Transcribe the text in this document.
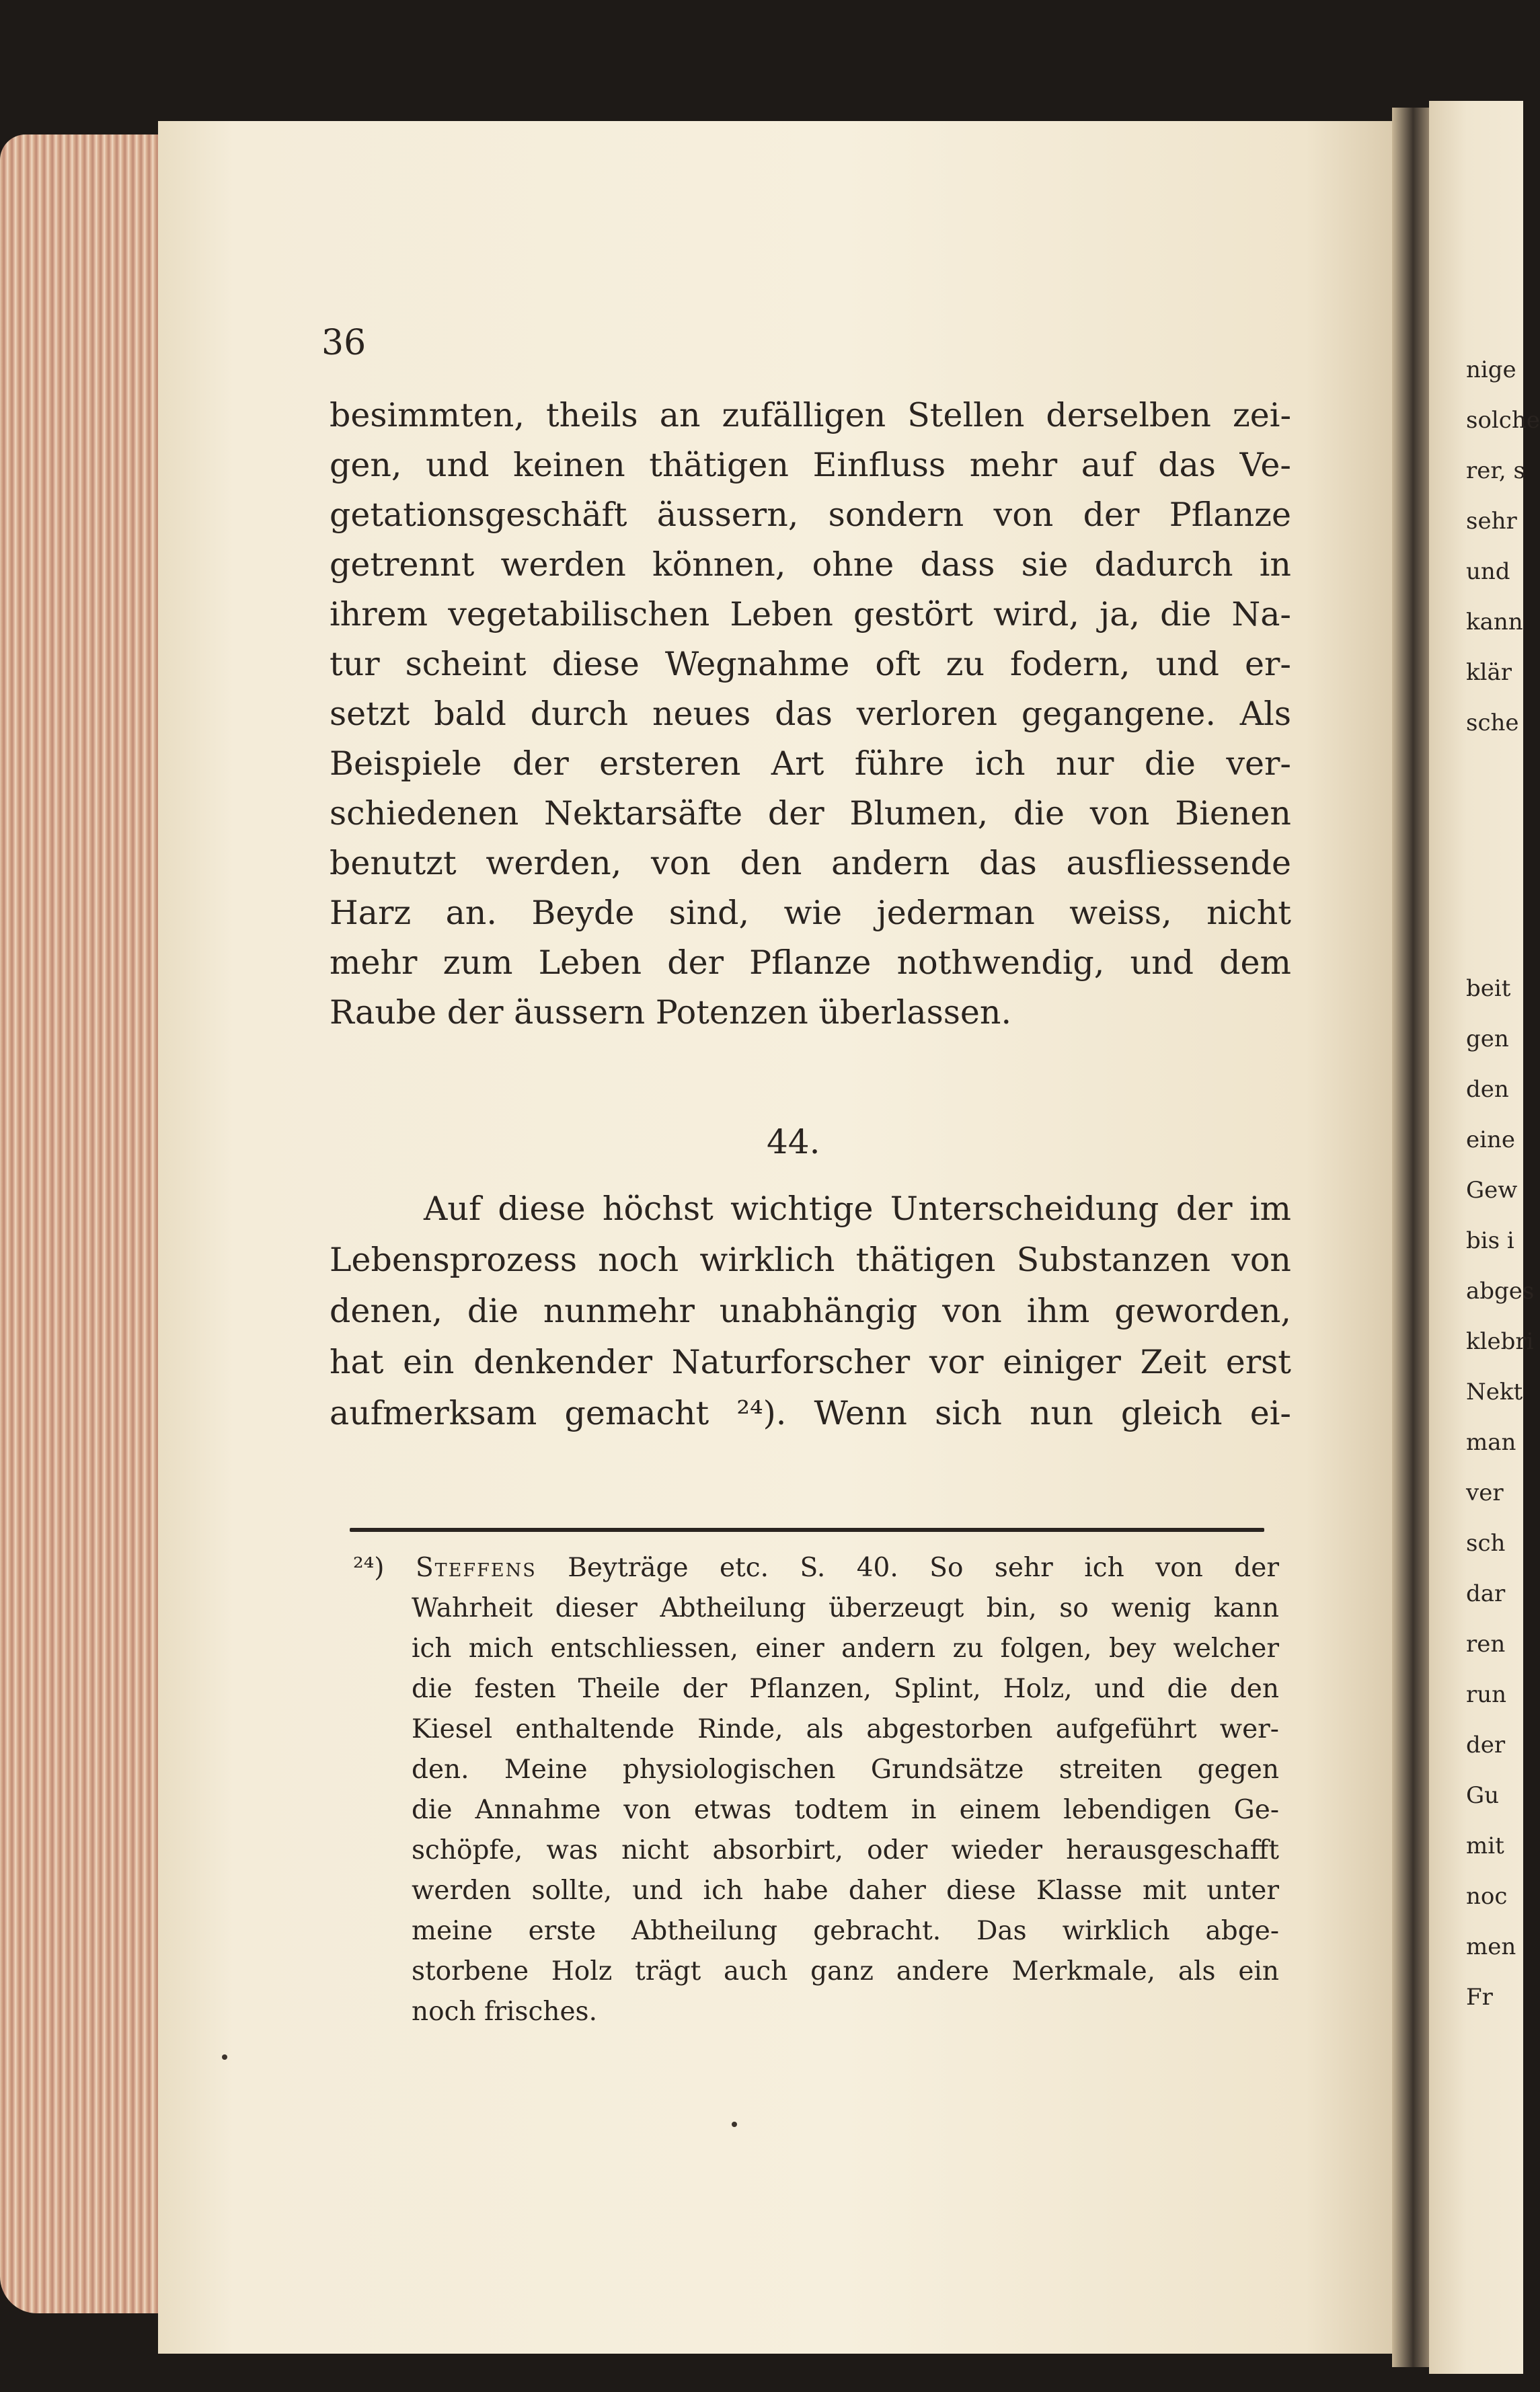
36
besimmten, theils an zufälligen Stellen derselben zei-
gen, und keinen thätigen Einfluss mehr auf das Ve-
getationsgeschäft äussern, sondern von der Pflanze
getrennt werden können, ohne dass sie dadurch in
ihrem vegetabilischen Leben gestört wird, ja, die Na-
tur scheint diese Wegnahme oft zu fodern, und er-
setzt bald durch neues das verloren gegangene. Als
Beispiele der ersteren Art führe ich nur die ver-
schiedenen Nektarsäfte der Blumen, die von Bienen
benutzt werden, von den andern das ausfliessende
Harz an. Beyde sind, wie jederman weiss, nicht
mehr zum Leben der Pflanze nothwendig, und dem
Raube der äussern Potenzen überlassen.
44.
Auf diese höchst wichtige Unterscheidung der im
Lebensprozess noch wirklich thätigen Substanzen von
denen, die nunmehr unabhängig von ihm geworden,
hat ein denkender Naturforscher vor einiger Zeit erst
aufmerksam gemacht ²⁴). Wenn sich nun gleich ei-
²⁴) Steffens Beyträge etc. S. 40. So sehr ich von der
Wahrheit dieser Abtheilung überzeugt bin, so wenig kann
ich mich entschliessen, einer andern zu folgen, bey welcher
die festen Theile der Pflanzen, Splint, Holz, und die den
Kiesel enthaltende Rinde, als abgestorben aufgeführt wer-
den. Meine physiologischen Grundsätze streiten gegen
die Annahme von etwas todtem in einem lebendigen Ge-
schöpfe, was nicht absorbirt, oder wieder herausgeschafft
werden sollte, und ich habe daher diese Klasse mit unter
meine erste Abtheilung gebracht. Das wirklich abge-
storbene Holz trägt auch ganz andere Merkmale, als ein
noch frisches.
nige
solche
rer, s
sehr
und
kann
klär
sche
beit
gen
den
eine
Gew
bis i
abges
klebri
Nekt
man
ver
sch
dar
ren
run
der
Gu
mit
noc
men
Fr
